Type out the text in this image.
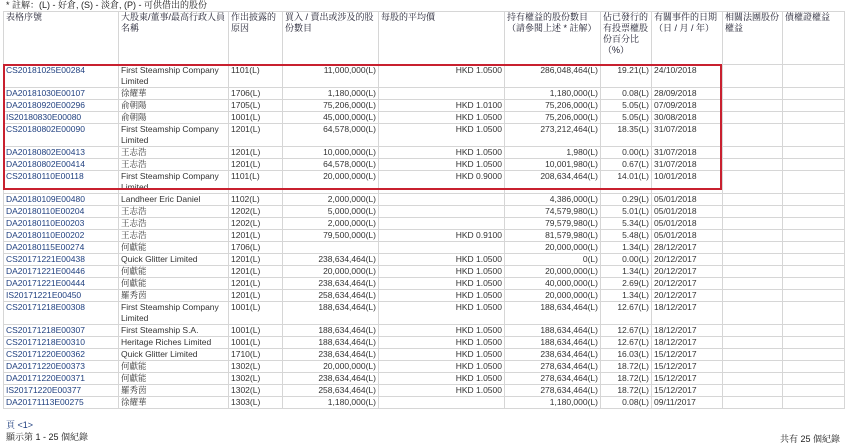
* 註解：(L) - 好倉, (S) - 淡倉, (P) - 可供借出的股份
表格序號	大股東/董事/最高行政人員名稱	作出披露的原因	買入 / 賣出或涉及的股份數目	每股的平均價	持有權益的股份數目（請參閱上述 * 註解）	佔已發行的有投票權股份百分比（%）	有關事件的日期（日 / 月 / 年）	相關法團股份權益	債權證權益
CS20181025E00284	First Steamship Company Limited	1101(L)	11,000,000(L)	HKD 1.0500	286,048,464(L)	19.21(L)	24/10/2018		
DA20181030E00107	徐耀華	1706(L)	1,180,000(L)		1,180,000(L)	0.08(L)	28/09/2018		
DA20180920E00296	俞朝陽	1705(L)	75,206,000(L)	HKD 1.0100	75,206,000(L)	5.05(L)	07/09/2018		
IS20180830E00080	俞朝陽	1001(L)	45,000,000(L)	HKD 1.0500	75,206,000(L)	5.05(L)	30/08/2018		
CS20180802E00090	First Steamship Company Limited	1201(L)	64,578,000(L)	HKD 1.0500	273,212,464(L)	18.35(L)	31/07/2018		
DA20180802E00413	王志浩	1201(L)	10,000,000(L)	HKD 1.0500	1,980(L)	0.00(L)	31/07/2018		
DA20180802E00414	王志浩	1201(L)	64,578,000(L)	HKD 1.0500	10,001,980(L)	0.67(L)	31/07/2018		
CS20180110E00118	First Steamship Company Limited	1101(L)	20,000,000(L)	HKD 0.9000	208,634,464(L)	14.01(L)	10/01/2018		
DA20180109E00480	Landheer Eric Daniel	1102(L)	2,000,000(L)		4,386,000(L)	0.29(L)	05/01/2018		
DA20180110E00204	王志浩	1202(L)	5,000,000(L)		74,579,980(L)	5.01(L)	05/01/2018		
DA20180110E00203	王志浩	1202(L)	2,000,000(L)		79,579,980(L)	5.34(L)	05/01/2018		
DA20180110E00202	王志浩	1201(L)	79,500,000(L)	HKD 0.9100	81,579,980(L)	5.48(L)	05/01/2018		
DA20180115E00274	何獻能	1706(L)			20,000,000(L)	1.34(L)	28/12/2017		
CS20171221E00438	Quick Glitter Limited	1201(L)	238,634,464(L)	HKD 1.0500	0(L)	0.00(L)	20/12/2017		
DA20171221E00446	何獻能	1201(L)	20,000,000(L)	HKD 1.0500	20,000,000(L)	1.34(L)	20/12/2017		
DA20171221E00444	何獻能	1201(L)	238,634,464(L)	HKD 1.0500	40,000,000(L)	2.69(L)	20/12/2017		
IS20171221E00450	羅秀茵	1201(L)	258,634,464(L)	HKD 1.0500	20,000,000(L)	1.34(L)	20/12/2017		
CS20171218E00308	First Steamship Company Limited	1001(L)	188,634,464(L)	HKD 1.0500	188,634,464(L)	12.67(L)	18/12/2017		
CS20171218E00307	First Steamship S.A.	1001(L)	188,634,464(L)	HKD 1.0500	188,634,464(L)	12.67(L)	18/12/2017		
CS20171218E00310	Heritage Riches Limited	1001(L)	188,634,464(L)	HKD 1.0500	188,634,464(L)	12.67(L)	18/12/2017		
CS20171220E00362	Quick Glitter Limited	1710(L)	238,634,464(L)	HKD 1.0500	238,634,464(L)	16.03(L)	15/12/2017		
DA20171220E00373	何獻能	1302(L)	20,000,000(L)	HKD 1.0500	278,634,464(L)	18.72(L)	15/12/2017		
DA20171220E00371	何獻能	1302(L)	238,634,464(L)	HKD 1.0500	278,634,464(L)	18.72(L)	15/12/2017		
IS20171220E00377	羅秀茵	1302(L)	258,634,464(L)	HKD 1.0500	278,634,464(L)	18.72(L)	15/12/2017		
DA20171113E00275	徐耀華	1303(L)	1,180,000(L)		1,180,000(L)	0.08(L)	09/11/2017		
頁 <1>
顯示第 1 - 25 個紀錄	共有 25 個紀錄
